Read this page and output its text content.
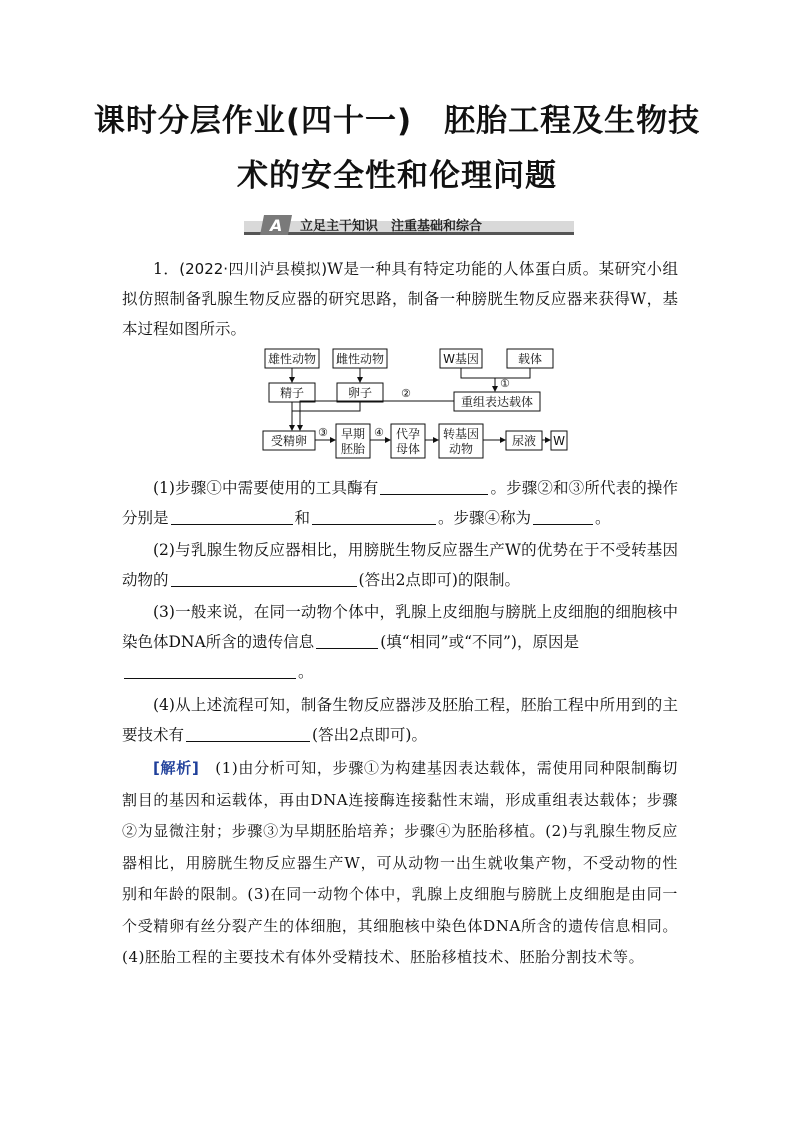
课时分层作业(四十一)　胚胎工程及生物技
术的安全性和伦理问题
A 立足主干知识　注重基础和综合

1．(2022·四川泸县模拟)W是一种具有特定功能的人体蛋白质。某研究小组拟仿照制备乳腺生物反应器的研究思路，制备一种膀胱生物反应器来获得W，基本过程如图所示。

雄性动物 雌性动物	W基因	载体
精子	卵子
重组表达载体
受精卵	早期
胚胎
代孕
母体
转基因
动物
尿液 W
①
②
③	④

(1)步骤①中需要使用的工具酶有	。步骤②和③所代表的操作分别是	和	。步骤④称为	。

(2)与乳腺生物反应器相比，用膀胱生物反应器生产W的优势在于不受转基因动物的	(答出2点即可)的限制。

(3)一般来说，在同一动物个体中，乳腺上皮细胞与膀胱上皮细胞的细胞核中染色体DNA所含的遗传信息	(填“相同”或“不同”)，原因是
。

(4)从上述流程可知，制备生物反应器涉及胚胎工程，胚胎工程中所用到的主要技术有	(答出2点即可)。

[解析]　(1)由分析可知，步骤①为构建基因表达载体，需使用同种限制酶切割目的基因和运载体，再由DNA连接酶连接黏性末端，形成重组表达载体；步骤②为显微注射；步骤③为早期胚胎培养；步骤④为胚胎移植。(2)与乳腺生物反应器相比，用膀胱生物反应器生产W，可从动物一出生就收集产物，不受动物的性别和年龄的限制。(3)在同一动物个体中，乳腺上皮细胞与膀胱上皮细胞是由同一个受精卵有丝分裂产生的体细胞，其细胞核中染色体DNA所含的遗传信息相同。(4)胚胎工程的主要技术有体外受精技术、胚胎移植技术、胚胎分割技术等。
